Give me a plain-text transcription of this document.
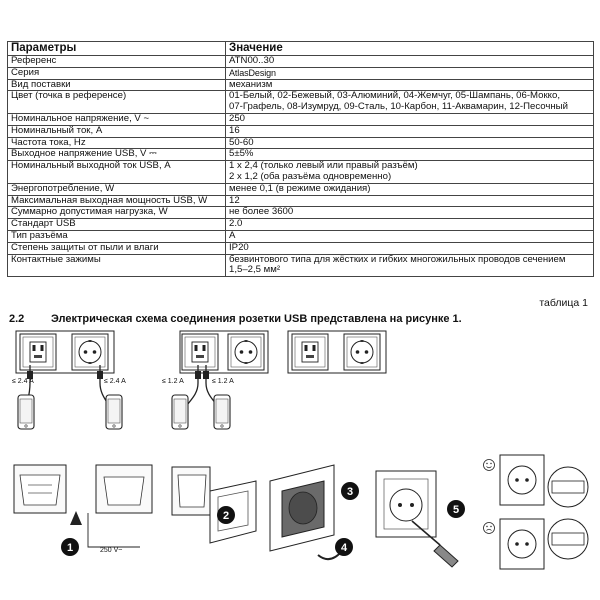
Параметры	Значение
Референс	ATN00..30

Серия	AtlasDesign

Вид поставки	механизм

Цвет (точка в референсе)	01-Белый, 02-Бежевый, 03-Алюминий, 04-Жемчуг, 05-Шампань, 06-Мокко,
07-Графель, 08-Изумруд, 09-Сталь, 10-Карбон, 11-Аквамарин, 12-Песочный

Номинальное напряжение, V ~	250

Номинальный ток, А	16

Частота тока, Hz	50-60

Выходное напряжение USB, V ⎓	5±5%

Номинальный выходной ток USB, А	1 х 2,4 (только левый или правый разъём)
2 х 1,2 (оба разъёма одновременно)

Энергопотребление, W	менее 0,1 (в режиме ожидания)

Максимальная выходная мощность USB, W	12

Суммарно допустимая нагрузка, W	не более 3600

Стандарт USB	2.0

Тип разъёма	А

Степень защиты от пыли и влаги	IP20

Контактные зажимы	безвинтового типа для жёстких и гибких многожильных проводов сечением
1,5–2,5 мм²
таблица 1
2.2 Электрическая схема соединения розетки USB представлена на рисунке 1.
≤ 2.4 A	≤ 2.4 A	≤ 1.2 A	≤ 1.2 A
250 V~
1
2
3
4
5
